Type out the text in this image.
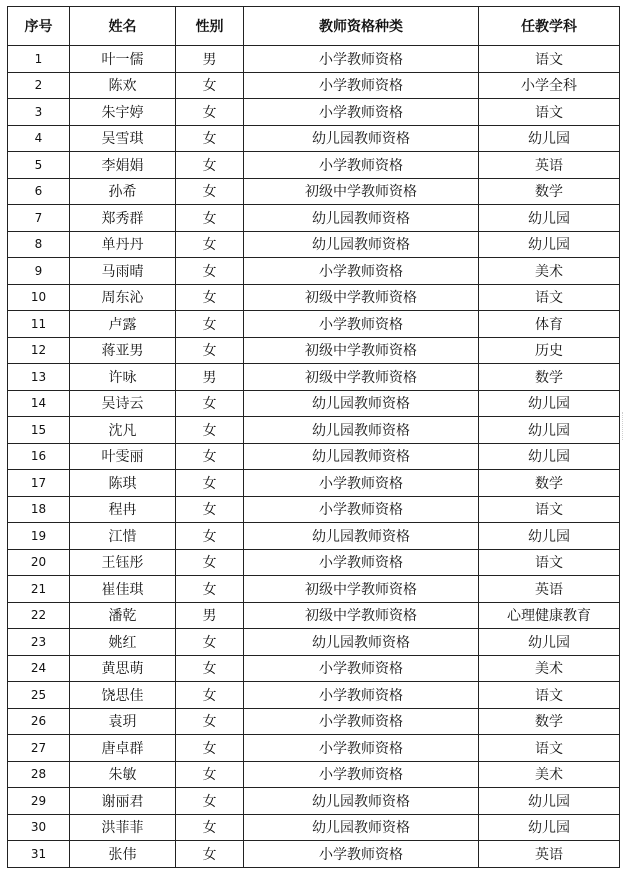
序号	姓名	性别	教师资格种类	任教学科
1	叶一儒	男	小学教师资格	语文
2	陈欢	女	小学教师资格	小学全科
3	朱宇婷	女	小学教师资格	语文
4	吴雪琪	女	幼儿园教师资格	幼儿园
5	李娟娟	女	小学教师资格	英语
6	孙希	女	初级中学教师资格	数学
7	郑秀群	女	幼儿园教师资格	幼儿园
8	单丹丹	女	幼儿园教师资格	幼儿园
9	马雨晴	女	小学教师资格	美术
10	周东沁	女	初级中学教师资格	语文
11	卢露	女	小学教师资格	体育
12	蒋亚男	女	初级中学教师资格	历史
13	许咏	男	初级中学教师资格	数学
14	吴诗云	女	幼儿园教师资格	幼儿园
15	沈凡	女	幼儿园教师资格	幼儿园
16	叶雯丽	女	幼儿园教师资格	幼儿园
17	陈琪	女	小学教师资格	数学
18	程冉	女	小学教师资格	语文
19	江惜	女	幼儿园教师资格	幼儿园
20	王钰彤	女	小学教师资格	语文
21	崔佳琪	女	初级中学教师资格	英语
22	潘乾	男	初级中学教师资格	心理健康教育
23	姚红	女	幼儿园教师资格	幼儿园
24	黄思萌	女	小学教师资格	美术
25	饶思佳	女	小学教师资格	语文
26	袁玥	女	小学教师资格	数学
27	唐卓群	女	小学教师资格	语文
28	朱敏	女	小学教师资格	美术
29	谢丽君	女	幼儿园教师资格	幼儿园
30	洪菲菲	女	幼儿园教师资格	幼儿园
31	张伟	女	小学教师资格	英语
